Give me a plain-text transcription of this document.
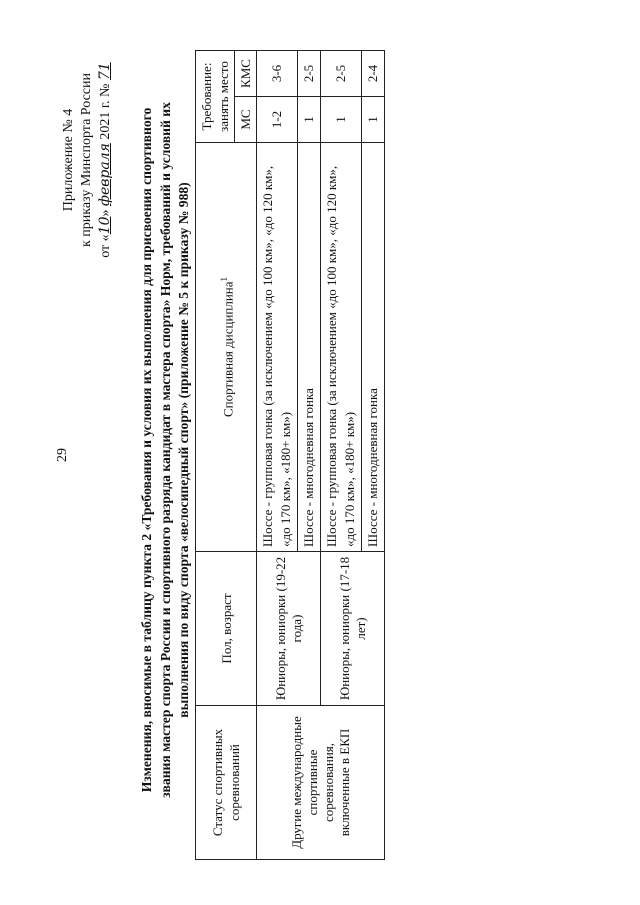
29
Приложение № 4 к приказу Минспорта России от «10» февраля 2021 г. № 71
Изменения, вносимые в таблицу пункта 2 «Требования и условия их выполнения для присвоения спортивного звания мастер спорта России и спортивного разряда кандидат в мастера спорта» Норм, требований и условий их выполнения по виду спорта «велосипедный спорт» (приложение № 5 к приказу № 988)
Статус спортивных соревнований	Пол, возраст	Спортивная дисциплина$^1$	Требование: занять место	
			МС	КМС
Другие международные спортивные соревнования, включенные в ЕКП	Юниоры, юниорки (19-22 года)	Шоссе - групповая гонка (за исключением «до 100 км», «до 120 км», «до 170 км», «180+ км»)	1-2	3-6
		Шоссе - многодневная гонка	1	2-5
	Юниоры, юниорки (17-18 лет)	Шоссе - групповая гонка (за исключением «до 100 км», «до 120 км», «до 170 км», «180+ км»)	1	2-5
		Шоссе - многодневная гонка	1	2-4
